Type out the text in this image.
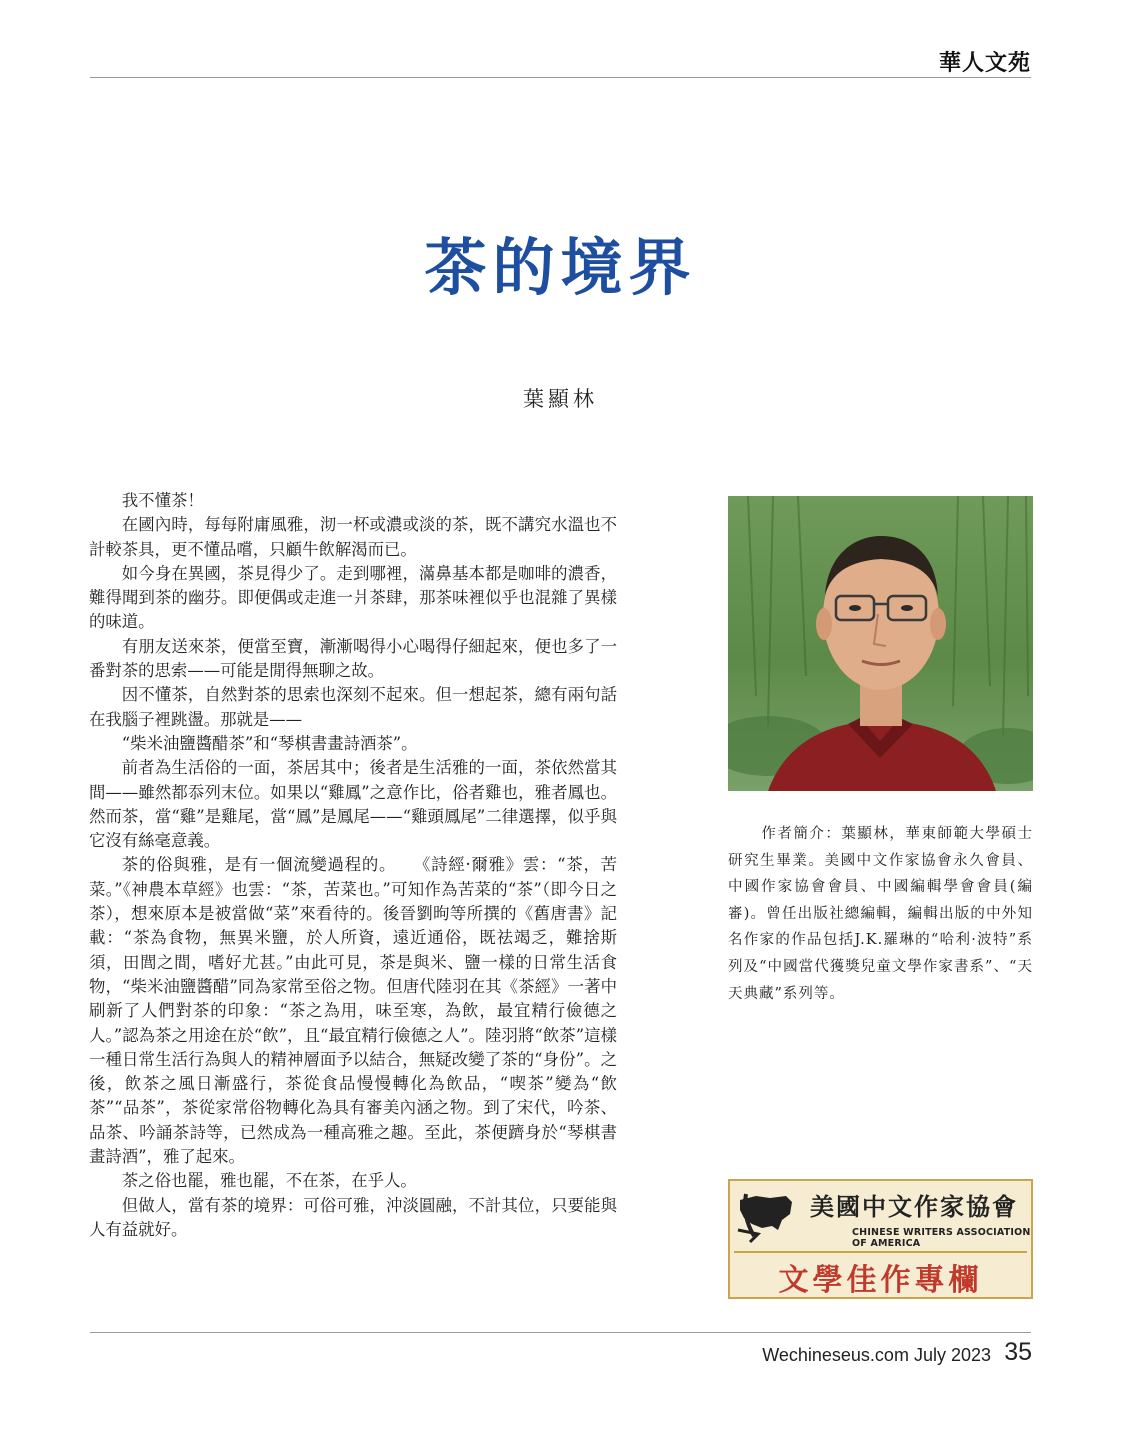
華人文苑
茶的境界
葉顯林

我不懂茶！

在國內時，每每附庸風雅，沏一杯或濃或淡的茶，既不講究水溫也不計較茶具，更不懂品嚐，只顧牛飲解渴而已。

如今身在異國，茶見得少了。走到哪裡，滿鼻基本都是咖啡的濃香，難得聞到茶的幽芬。即便偶或走進一爿茶肆，那茶味裡似乎也混雜了異樣的味道。

有朋友送來茶，便當至寶，漸漸喝得小心喝得仔細起來，便也多了一番對茶的思索——可能是閒得無聊之故。

因不懂茶，自然對茶的思索也深刻不起來。但一想起茶，總有兩句話在我腦子裡跳盪。那就是——

“柴米油鹽醬醋茶”和“琴棋書畫詩酒茶”。

前者為生活俗的一面，茶居其中；後者是生活雅的一面，茶依然當其間——雖然都忝列末位。如果以“雞鳳”之意作比，俗者雞也，雅者鳳也。然而茶，當“雞”是雞尾，當“鳳”是鳳尾——“雞頭鳳尾”二律選擇，似乎與它沒有絲毫意義。

茶的俗與雅，是有一個流變過程的。　　《詩經·爾雅》雲：“茶，苦菜。”《神農本草經》也雲：“茶，苦菜也。”可知作為苦菜的“茶”（即今日之茶），想來原本是被當做“菜”來看待的。後晉劉昫等所撰的《舊唐書》記載：“茶為食物，無異米鹽，於人所資，遠近通俗，既祛竭乏，難捨斯須，田閭之間，嗜好尤甚。”由此可見，茶是與米、鹽一樣的日常生活食物，“柴米油鹽醬醋”同為家常至俗之物。但唐代陸羽在其《茶經》一著中刷新了人們對茶的印象：“茶之為用，味至寒，為飲，最宜精行儉德之人。”認為茶之用途在於“飲”，且“最宜精行儉德之人”。陸羽將“飲茶”這樣一種日常生活行為與人的精神層面予以結合，無疑改變了茶的“身份”。之後，飲茶之風日漸盛行，茶從食品慢慢轉化為飲品，“喫茶”變為“飲茶”“品茶”，茶從家常俗物轉化為具有審美內涵之物。到了宋代，吟茶、品茶、吟誦茶詩等，已然成為一種高雅之趣。至此，茶便躋身於“琴棋書畫詩酒”，雅了起來。

茶之俗也罷，雅也罷，不在茶，在乎人。

但做人，當有茶的境界：可俗可雅，沖淡圓融，不計其位，只要能與人有益就好。

作者簡介：葉顯林，華東師範大學碩士研究生畢業。美國中文作家協會永久會員、中國作家協會會員、中國編輯學會會員(編審)。曾任出版社總編輯，編輯出版的中外知名作家的作品包括J.K.羅琳的“哈利·波特”系列及“中國當代獲獎兒童文學作家書系”、“天天典藏”系列等。
美國中文作家協會
CHINESE WRITERS ASSOCIATION OF AMERICA
文學佳作專欄
Wechineseus.com July 2023 35
